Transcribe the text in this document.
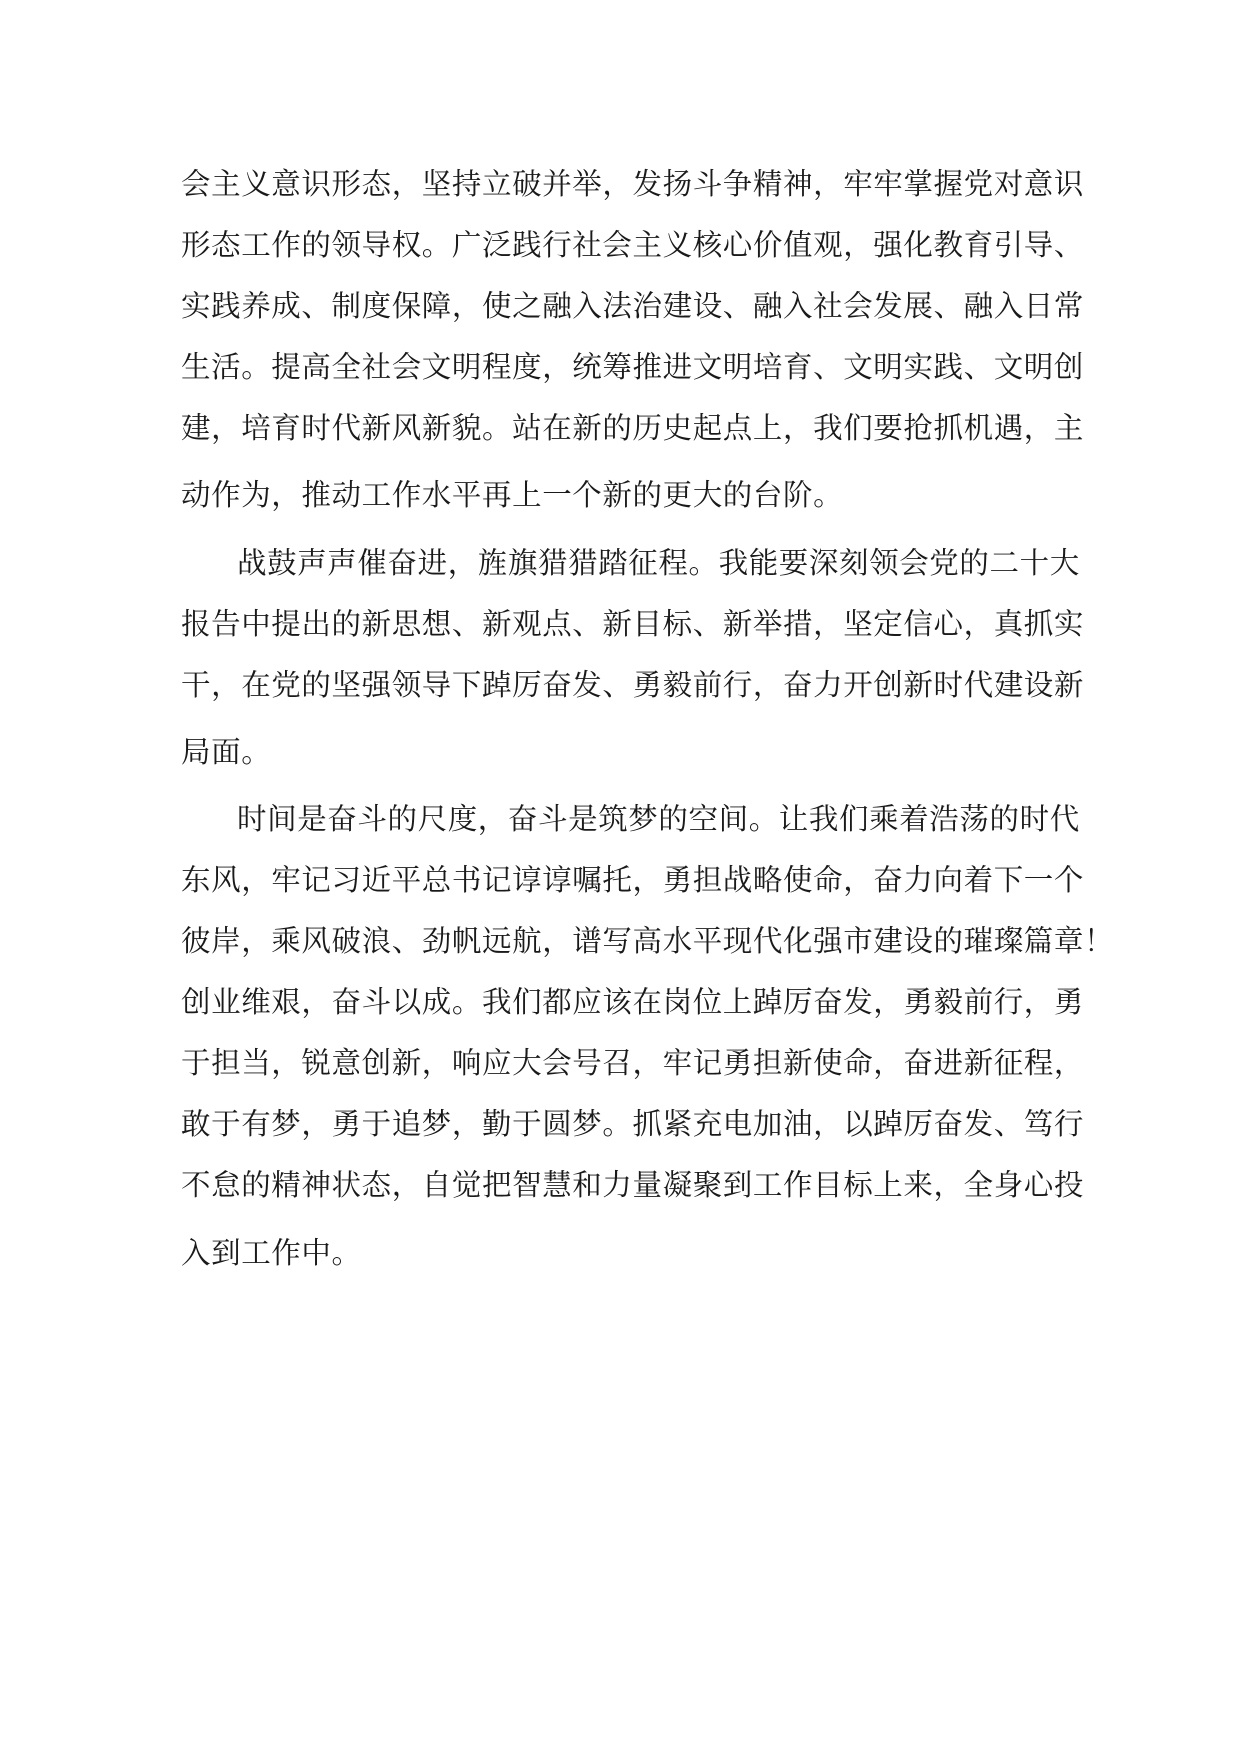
会主义意识形态，坚持立破并举，发扬斗争精神，牢牢掌握党对意识
形态工作的领导权。广泛践行社会主义核心价值观，强化教育引导、
实践养成、制度保障，使之融入法治建设、融入社会发展、融入日常
生活。提高全社会文明程度，统筹推进文明培育、文明实践、文明创
建，培育时代新风新貌。站在新的历史起点上，我们要抢抓机遇，主
动作为，推动工作水平再上一个新的更大的台阶。
战鼓声声催奋进，旌旗猎猎踏征程。我能要深刻领会党的二十大
报告中提出的新思想、新观点、新目标、新举措，坚定信心，真抓实
干，在党的坚强领导下踔厉奋发、勇毅前行，奋力开创新时代建设新
局面。
时间是奋斗的尺度，奋斗是筑梦的空间。让我们乘着浩荡的时代
东风，牢记习近平总书记谆谆嘱托，勇担战略使命，奋力向着下一个
彼岸，乘风破浪、劲帆远航，谱写高水平现代化强市建设的璀璨篇章！
创业维艰，奋斗以成。我们都应该在岗位上踔厉奋发，勇毅前行，勇
于担当，锐意创新，响应大会号召，牢记勇担新使命，奋进新征程，
敢于有梦，勇于追梦，勤于圆梦。抓紧充电加油，以踔厉奋发、笃行
不怠的精神状态，自觉把智慧和力量凝聚到工作目标上来，全身心投
入到工作中。
